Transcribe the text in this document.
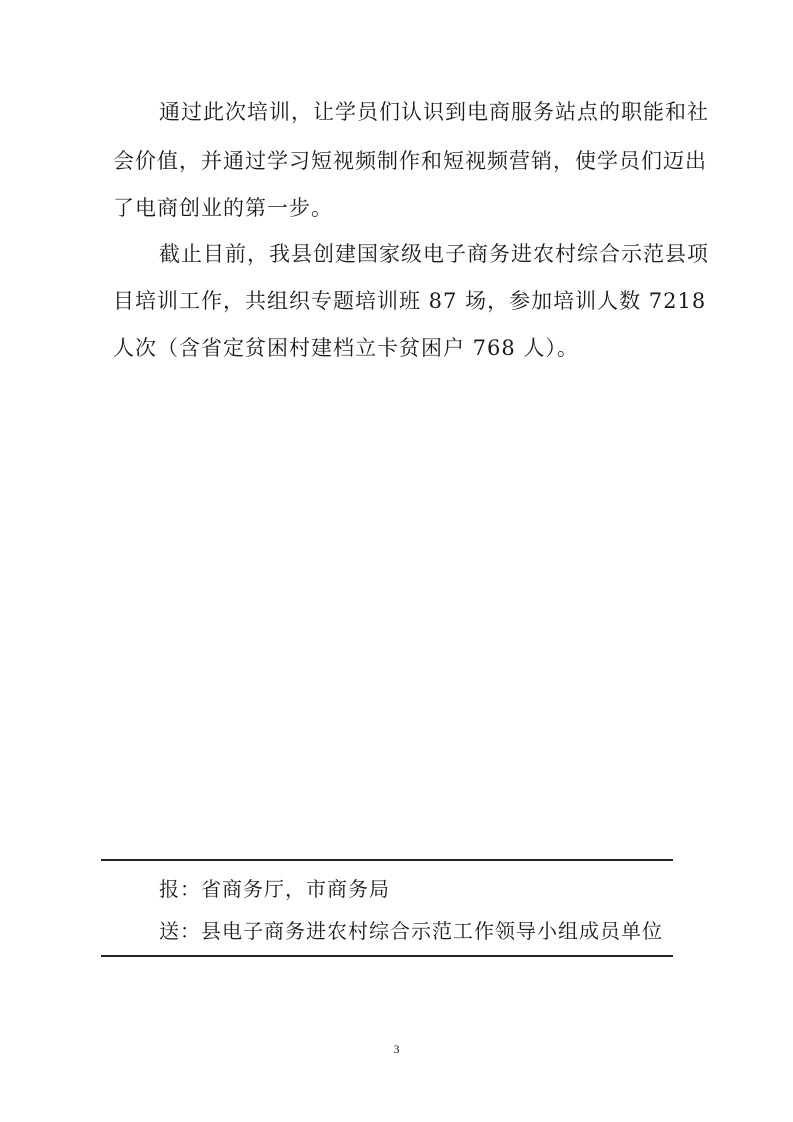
通过此次培训，让学员们认识到电商服务站点的职能和社
会价值，并通过学习短视频制作和短视频营销，使学员们迈出
了电商创业的第一步。
截止目前，我县创建国家级电子商务进农村综合示范县项
目培训工作，共组织专题培训班 87 场，参加培训人数 7218
人次（含省定贫困村建档立卡贫困户 768 人）。
报：省商务厅，市商务局
送：县电子商务进农村综合示范工作领导小组成员单位
3
